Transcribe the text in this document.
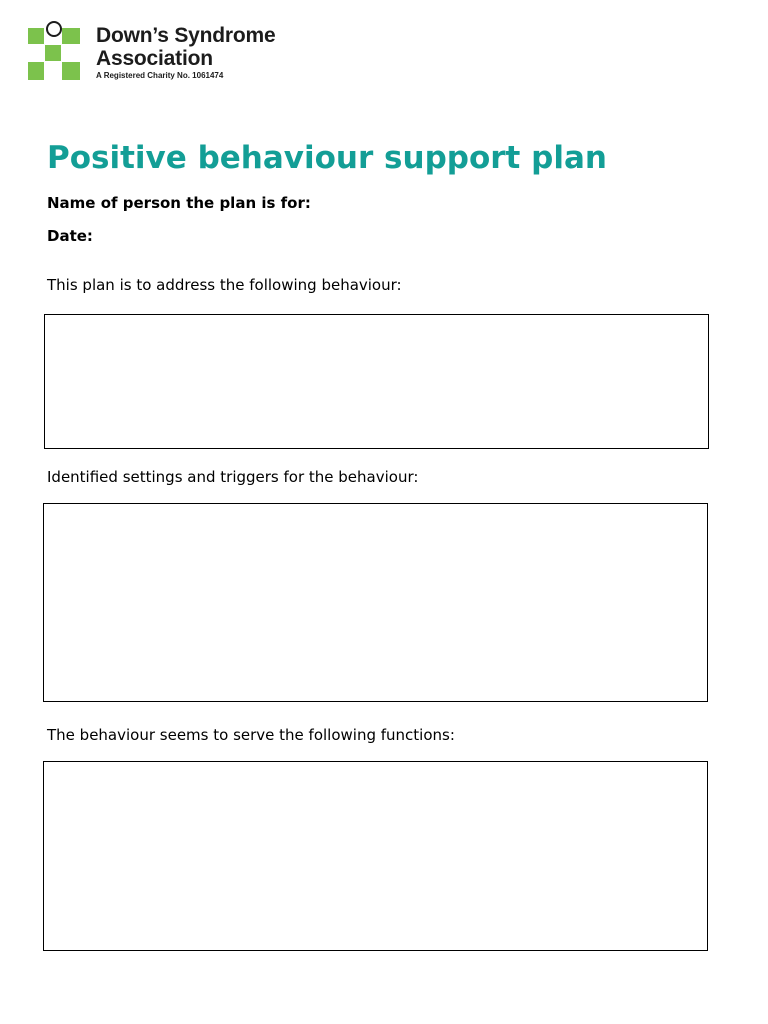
Down’s Syndrome
Association
A Registered Charity No. 1061474
Positive behaviour support plan
Name of person the plan is for:
Date:
This plan is to address the following behaviour:
Identified settings and triggers for the behaviour:
The behaviour seems to serve the following functions:
